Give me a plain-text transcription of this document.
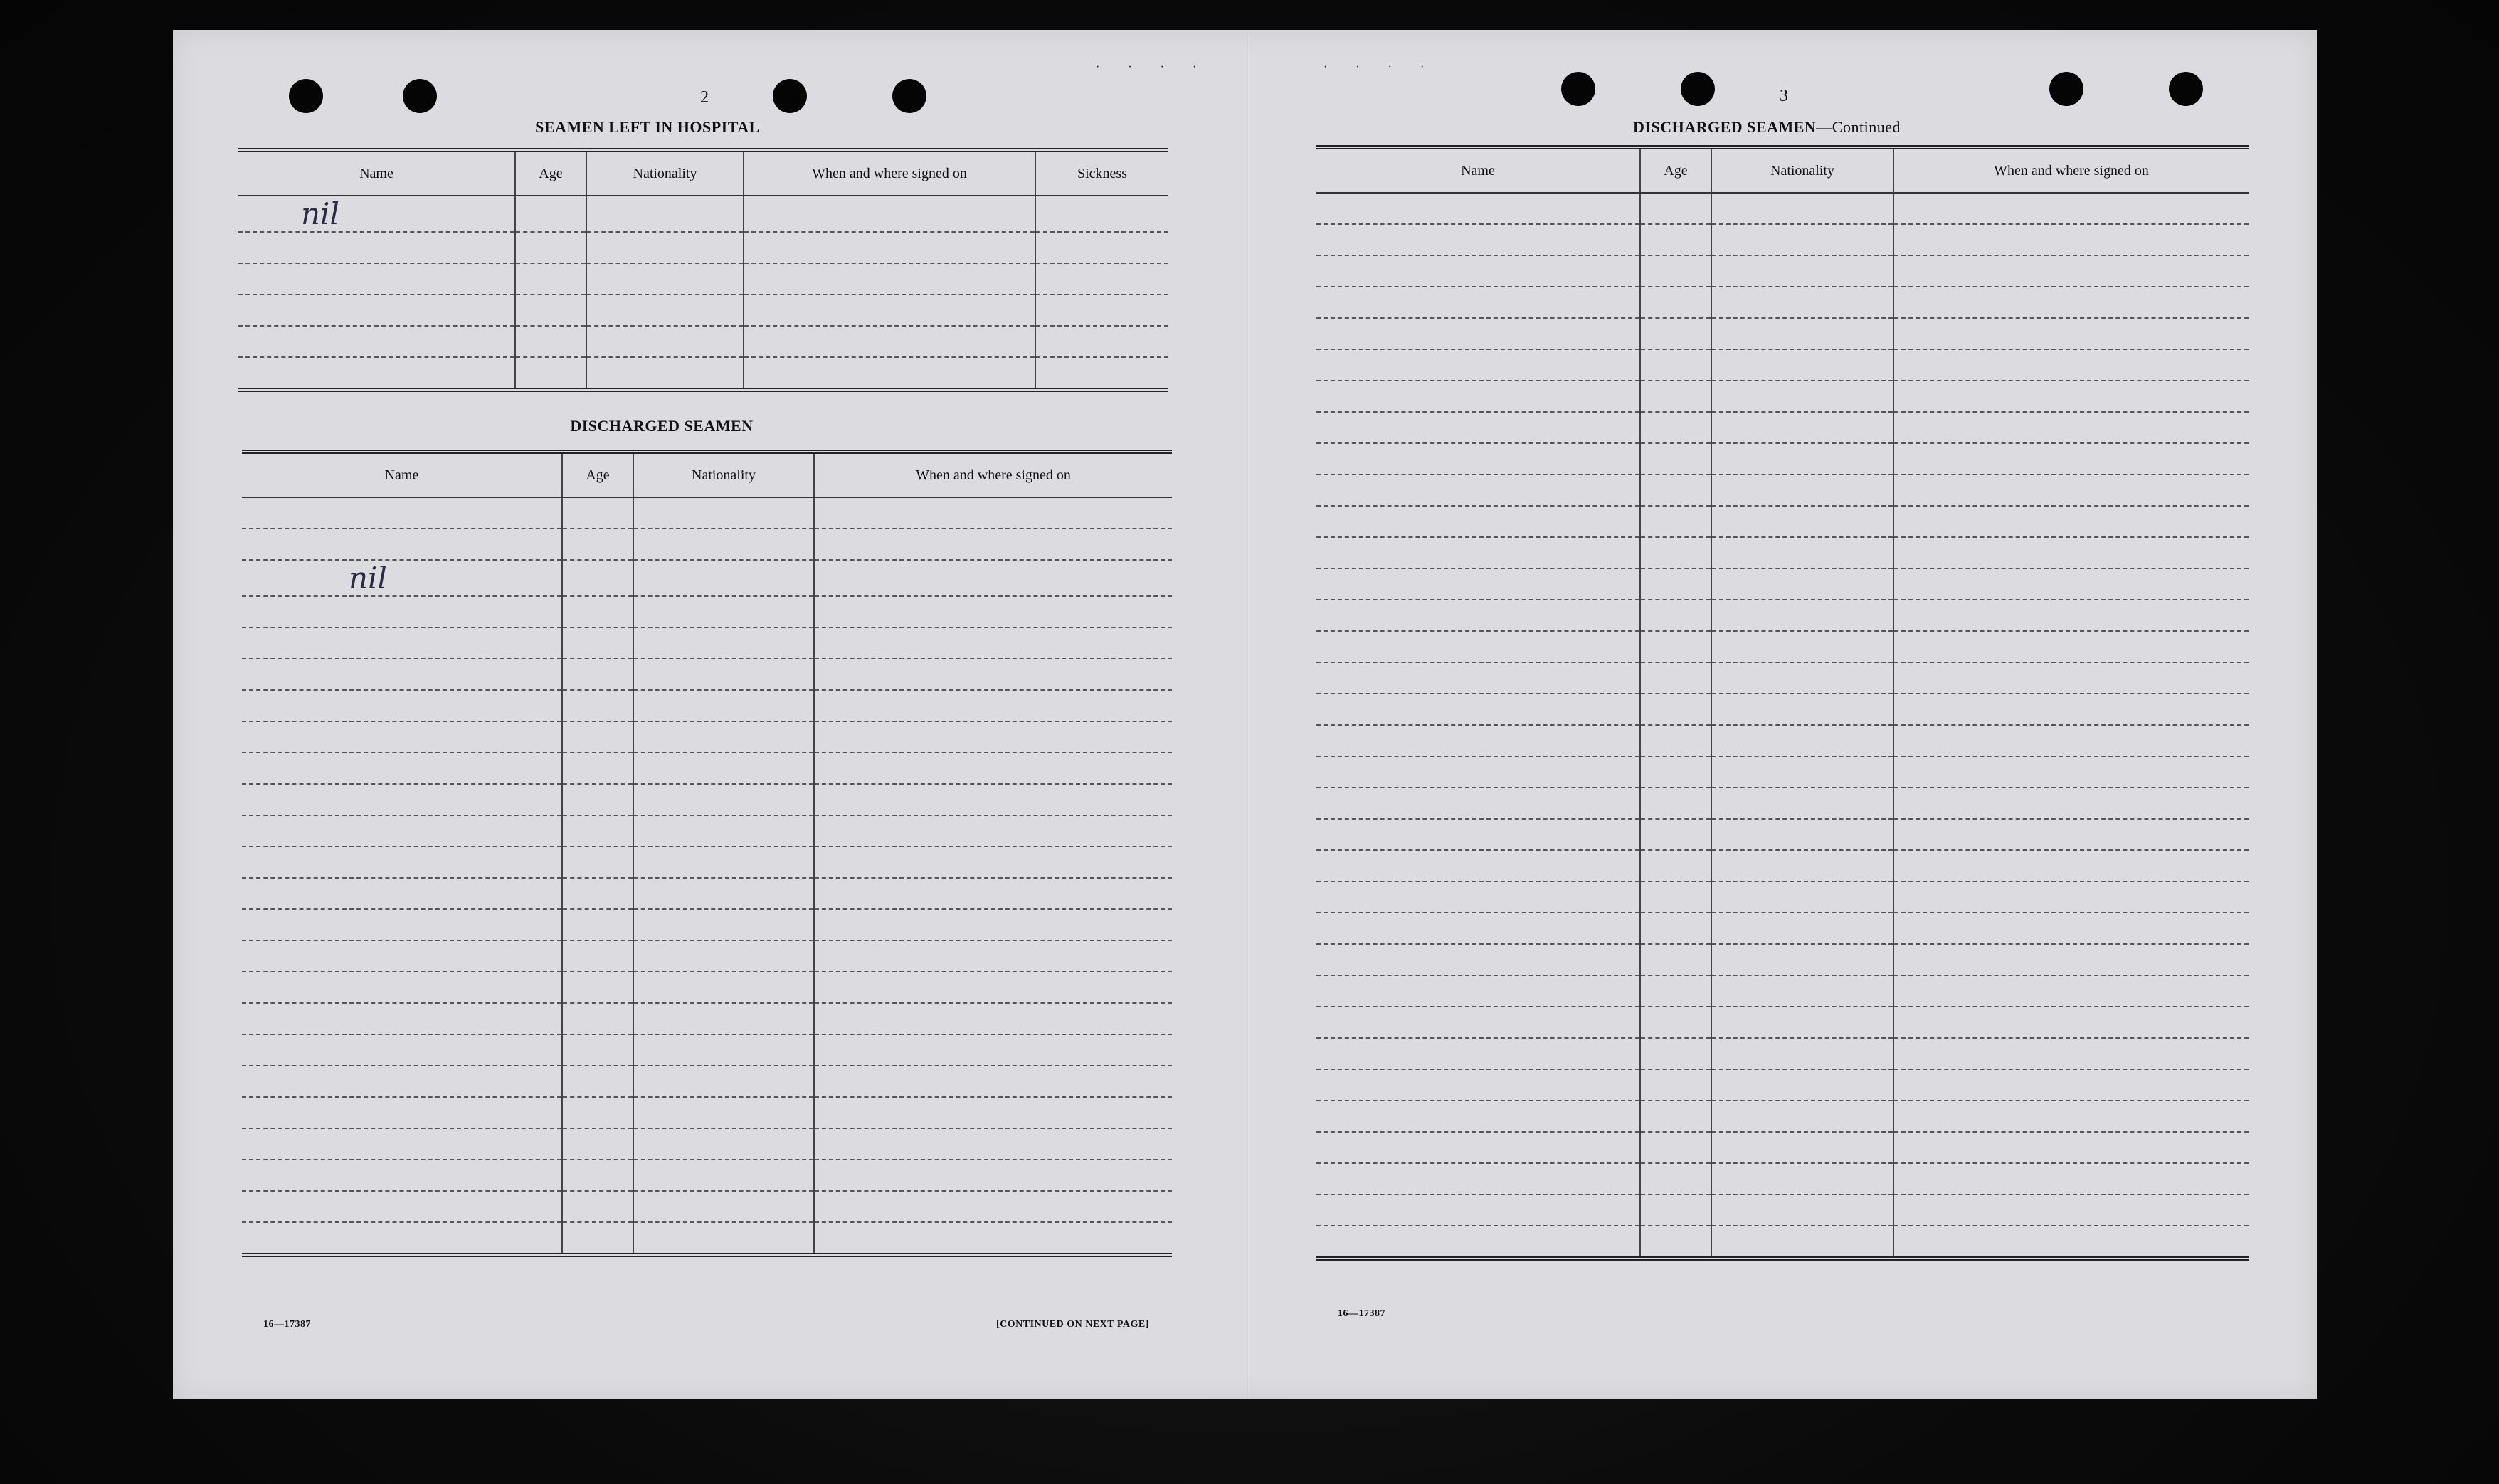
· · · ·	· · · ·
2
SEAMEN LEFT IN HOSPITAL
Name	Age	Nationality	When and where signed on	Sickness
nil				

DISCHARGED SEAMEN
Name	Age	Nationality	When and where signed on

nil			

16—17387	[CONTINUED ON NEXT PAGE]
3
DISCHARGED SEAMEN—Continued
Name	Age	Nationality	When and where signed on

16—17387
